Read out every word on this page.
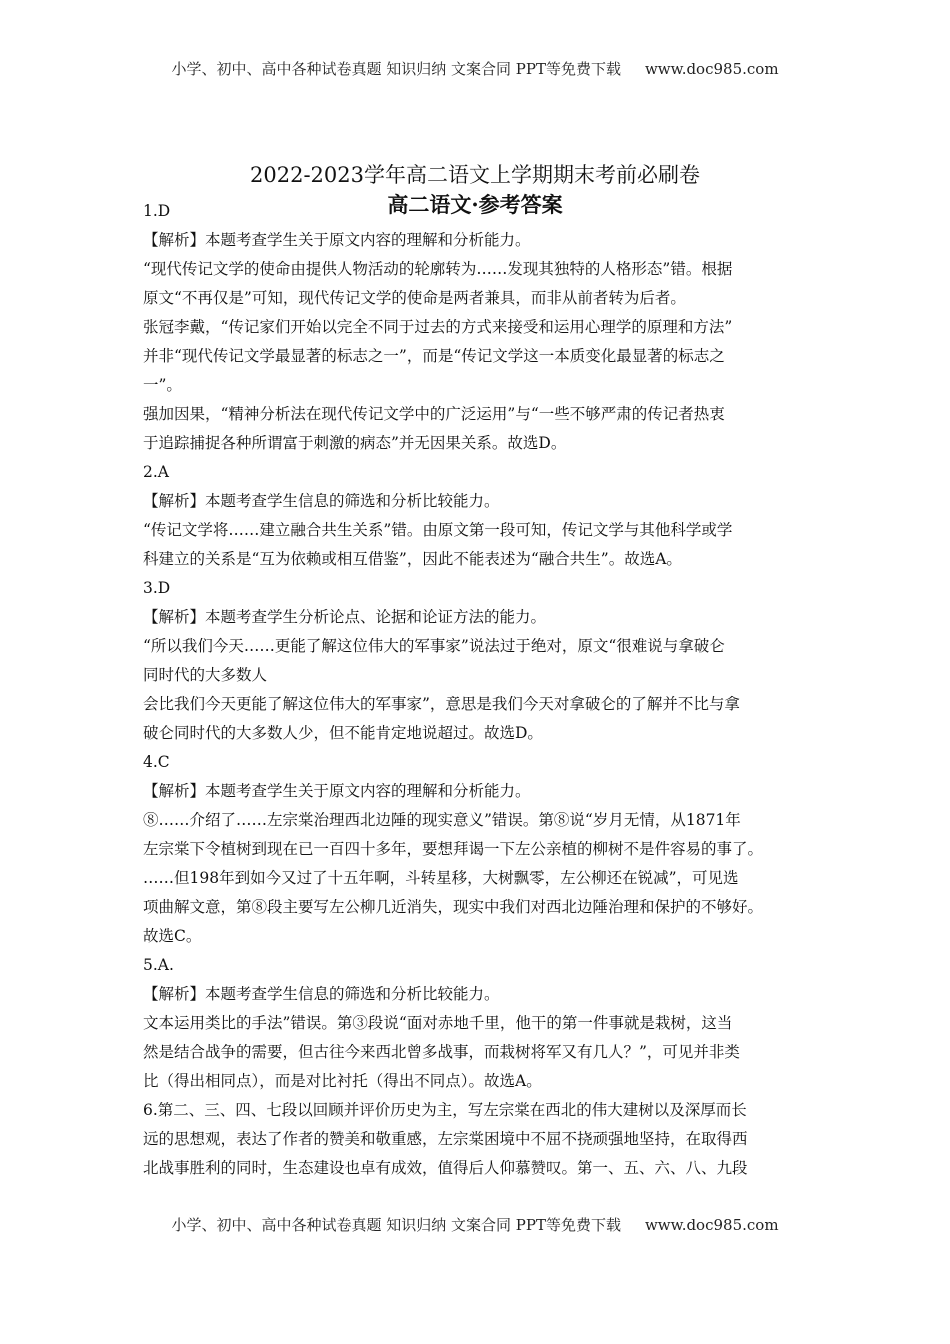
小学、初中、高中各种试卷真题 知识归纳 文案合同 PPT等免费下载 www.doc985.com
2022-2023学年高二语文上学期期末考前必刷卷
高二语文·参考答案

1.D

【解析】本题考查学生关于原文内容的理解和分析能力。

“现代传记文学的使命由提供人物活动的轮廓转为……发现其独特的人格形态”错。根据

原文“不再仅是”可知，现代传记文学的使命是两者兼具，而非从前者转为后者。

张冠李戴，“传记家们开始以完全不同于过去的方式来接受和运用心理学的原理和方法”

并非“现代传记文学最显著的标志之一”，而是“传记文学这一本质变化最显著的标志之

一”。

强加因果，“精神分析法在现代传记文学中的广泛运用”与“一些不够严肃的传记者热衷

于追踪捕捉各种所谓富于刺激的病态”并无因果关系。故选D。

2.A

【解析】本题考查学生信息的筛选和分析比较能力。

“传记文学将……建立融合共生关系”错。由原文第一段可知，传记文学与其他科学或学

科建立的关系是“互为依赖或相互借鉴”，因此不能表述为“融合共生”。故选A。

3.D

【解析】本题考查学生分析论点、论据和论证方法的能力。

“所以我们今天……更能了解这位伟大的军事家”说法过于绝对，原文“很难说与拿破仑

同时代的大多数人

会比我们今天更能了解这位伟大的军事家”，意思是我们今天对拿破仑的了解并不比与拿

破仑同时代的大多数人少，但不能肯定地说超过。故选D。

4.C

【解析】本题考查学生关于原文内容的理解和分析能力。

⑧……介绍了……左宗棠治理西北边陲的现实意义”错误。第⑧说“岁月无情，从1871年

左宗棠下令植树到现在已一百四十多年，要想拜谒一下左公亲植的柳树不是件容易的事了。

……但198年到如今又过了十五年啊，斗转星移，大树飘零，左公柳还在锐减”，可见选

项曲解文意，第⑧段主要写左公柳几近消失，现实中我们对西北边陲治理和保护的不够好。

故选C。

5.A.

【解析】本题考查学生信息的筛选和分析比较能力。

文本运用类比的手法”错误。第③段说“面对赤地千里，他干的第一件事就是栽树，这当

然是结合战争的需要，但古往今来西北曾多战事，而栽树将军又有几人？”，可见并非类

比（得出相同点），而是对比衬托（得出不同点）。故选A。

6.第二、三、四、七段以回顾并评价历史为主，写左宗棠在西北的伟大建树以及深厚而长

远的思想观，表达了作者的赞美和敬重感，左宗棠困境中不屈不挠顽强地坚持，在取得西

北战事胜利的同时，生态建设也卓有成效，值得后人仰慕赞叹。第一、五、六、八、九段

小学、初中、高中各种试卷真题 知识归纳 文案合同 PPT等免费下载 www.doc985.com
